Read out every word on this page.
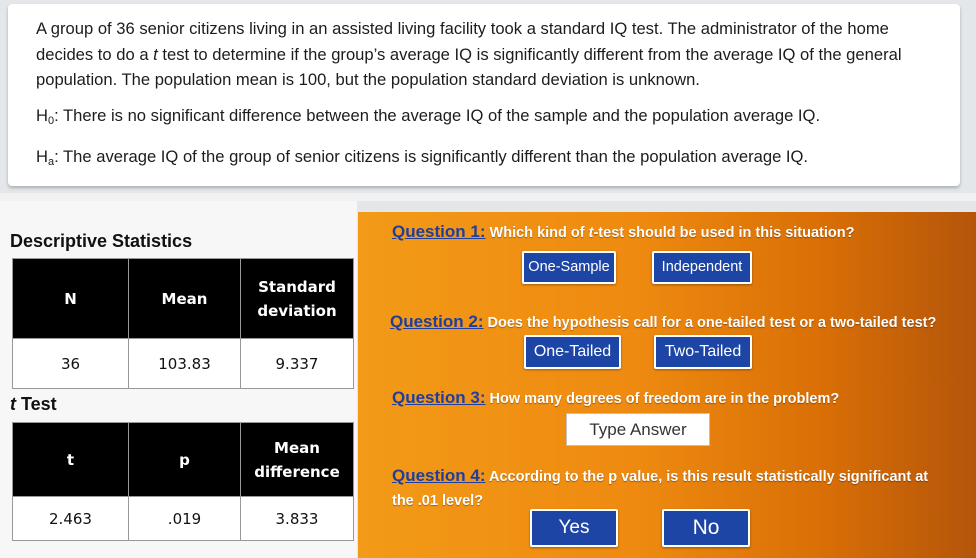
A group of 36 senior citizens living in an assisted living facility took a standard IQ test. The administrator of the home decides to do a t test to determine if the group’s average IQ is significantly different from the average IQ of the general population. The population mean is 100, but the population standard deviation is unknown.

$H_0$: There is no significant difference between the average IQ of the sample and the population average IQ.

$H_a$: The average IQ of the group of senior citizens is significantly different than the population average IQ.

Descriptive Statistics
N	Mean	Standard deviation
36	103.83	9.337
t Test
t	p	Mean difference
2.463	.019	3.833
Question 1: Which kind of t-test should be used in this situation?
One-Sample	Independent
Question 2: Does the hypothesis call for a one-tailed test or a two-tailed test?
One-Tailed	Two-Tailed
Question 3: How many degrees of freedom are in the problem?
Type Answer
Question 4: According to the p value, is this result statistically significant at the .01 level?
Yes	No
